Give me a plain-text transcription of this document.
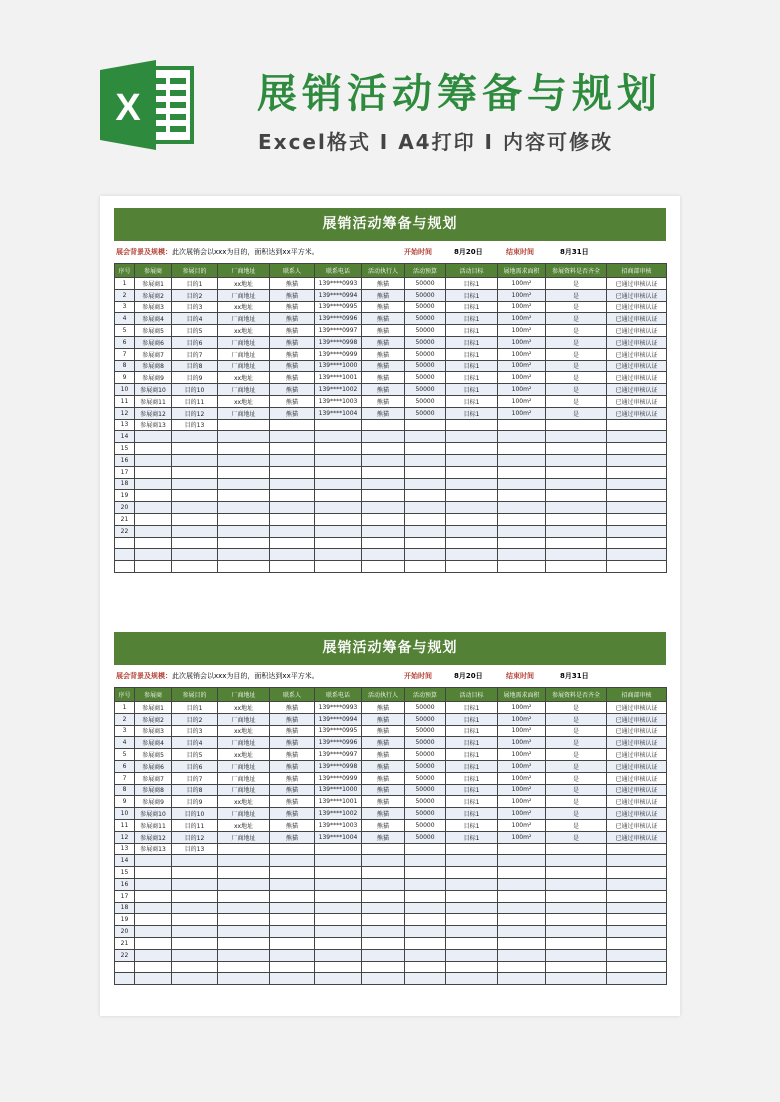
X	展销活动筹备与规划
Excel格式 I A4打印 I 内容可修改
展销活动筹备与规划
展会背景及规模： 此次展销会以xxx为目的，面积达到xx平方米。	开始时间	8月20日	结束时间	8月31日
序号	参展商	参展目的	厂商地址	联系人	联系电话	活动执行人	活动预算	活动目标	展地需求面积	参展资料是否齐全	招商部审核
1	参展商1	目的1	xx地址	熊猫	139****0993	熊猫	50000	目标1	100m²	是	已通过审核认证
2	参展商2	目的2	厂商地址	熊猫	139****0994	熊猫	50000	目标1	100m²	是	已通过审核认证
3	参展商3	目的3	xx地址	熊猫	139****0995	熊猫	50000	目标1	100m²	是	已通过审核认证
4	参展商4	目的4	厂商地址	熊猫	139****0996	熊猫	50000	目标1	100m²	是	已通过审核认证
5	参展商5	目的5	xx地址	熊猫	139****0997	熊猫	50000	目标1	100m²	是	已通过审核认证
6	参展商6	目的6	厂商地址	熊猫	139****0998	熊猫	50000	目标1	100m²	是	已通过审核认证
7	参展商7	目的7	厂商地址	熊猫	139****0999	熊猫	50000	目标1	100m²	是	已通过审核认证
8	参展商8	目的8	厂商地址	熊猫	139****1000	熊猫	50000	目标1	100m²	是	已通过审核认证
9	参展商9	目的9	xx地址	熊猫	139****1001	熊猫	50000	目标1	100m²	是	已通过审核认证
10	参展商10	目的10	厂商地址	熊猫	139****1002	熊猫	50000	目标1	100m²	是	已通过审核认证
11	参展商11	目的11	xx地址	熊猫	139****1003	熊猫	50000	目标1	100m²	是	已通过审核认证
12	参展商12	目的12	厂商地址	熊猫	139****1004	熊猫	50000	目标1	100m²	是	已通过审核认证
13	参展商13	目的13									
14											
15											
16											
17											
18											
19											
20											
21											
22											

展销活动筹备与规划
展会背景及规模： 此次展销会以xxx为目的，面积达到xx平方米。	开始时间	8月20日	结束时间	8月31日
序号	参展商	参展目的	厂商地址	联系人	联系电话	活动执行人	活动预算	活动目标	展地需求面积	参展资料是否齐全	招商部审核
1	参展商1	目的1	xx地址	熊猫	139****0993	熊猫	50000	目标1	100m²	是	已通过审核认证
2	参展商2	目的2	厂商地址	熊猫	139****0994	熊猫	50000	目标1	100m²	是	已通过审核认证
3	参展商3	目的3	xx地址	熊猫	139****0995	熊猫	50000	目标1	100m²	是	已通过审核认证
4	参展商4	目的4	厂商地址	熊猫	139****0996	熊猫	50000	目标1	100m²	是	已通过审核认证
5	参展商5	目的5	xx地址	熊猫	139****0997	熊猫	50000	目标1	100m²	是	已通过审核认证
6	参展商6	目的6	厂商地址	熊猫	139****0998	熊猫	50000	目标1	100m²	是	已通过审核认证
7	参展商7	目的7	厂商地址	熊猫	139****0999	熊猫	50000	目标1	100m²	是	已通过审核认证
8	参展商8	目的8	厂商地址	熊猫	139****1000	熊猫	50000	目标1	100m²	是	已通过审核认证
9	参展商9	目的9	xx地址	熊猫	139****1001	熊猫	50000	目标1	100m²	是	已通过审核认证
10	参展商10	目的10	厂商地址	熊猫	139****1002	熊猫	50000	目标1	100m²	是	已通过审核认证
11	参展商11	目的11	xx地址	熊猫	139****1003	熊猫	50000	目标1	100m²	是	已通过审核认证
12	参展商12	目的12	厂商地址	熊猫	139****1004	熊猫	50000	目标1	100m²	是	已通过审核认证
13	参展商13	目的13									
14											
15											
16											
17											
18											
19											
20											
21											
22											
